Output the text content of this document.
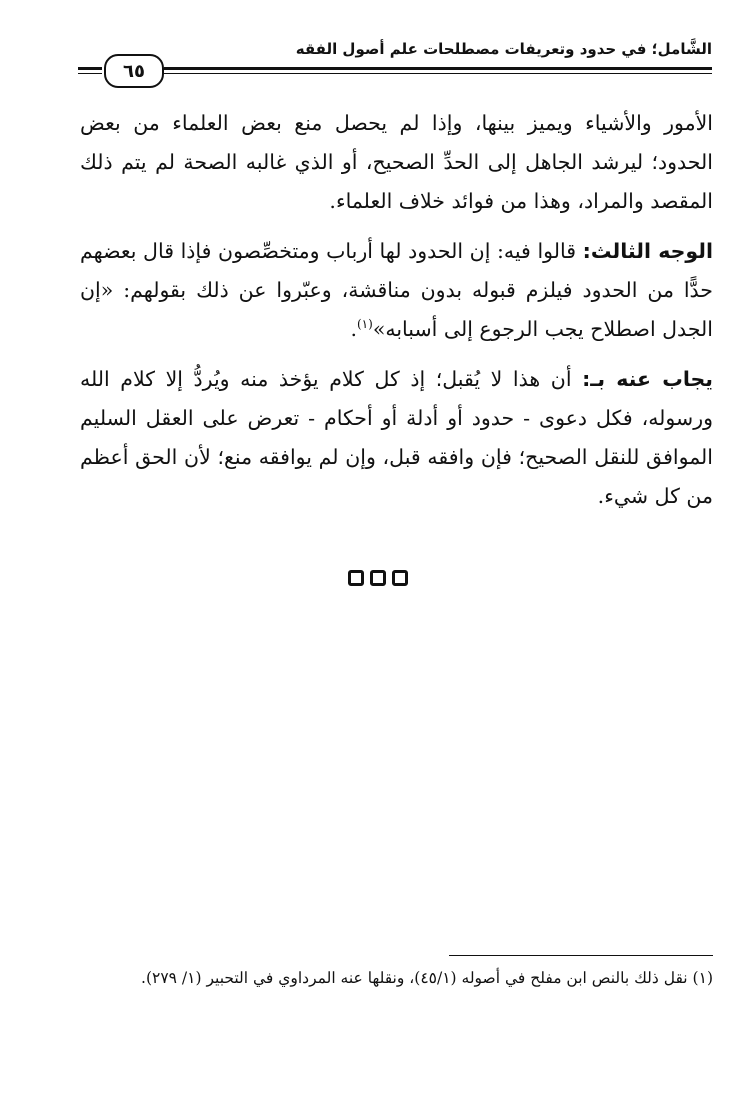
الشَّامل؛ في حدود وتعريفات مصطلحات علم أصول الفقه
٦٥

الأمور والأشياء ويميز بينها، وإذا لم يحصل منع بعض العلماء من بعض الحدود؛ ليرشد الجاهل إلى الحدِّ الصحيح، أو الذي غالبه الصحة لم يتم ذلك المقصد والمراد، وهذا من فوائد خلاف العلماء.

الوجه الثالث: قالوا فيه: إن الحدود لها أرباب ومتخصِّصون فإذا قال بعضهم حدًّا من الحدود فيلزم قبوله بدون مناقشة، وعبّروا عن ذلك بقولهم: «إن الجدل اصطلاح يجب الرجوع إلى أسبابه»$^{(١)}$.

يجاب عنه بـ: أن هذا لا يُقبل؛ إذ كل كلام يؤخذ منه ويُردُّ إلا كلام الله ورسوله، فكل دعوى - حدود أو أدلة أو أحكام - تعرض على العقل السليم الموافق للنقل الصحيح؛ فإن وافقه قبل، وإن لم يوافقه منع؛ لأن الحق أعظم من كل شيء.

(١) نقل ذلك بالنص ابن مفلح في أصوله (٤٥/١)، ونقلها عنه المرداوي في التحبير (١/ ٢٧٩).
